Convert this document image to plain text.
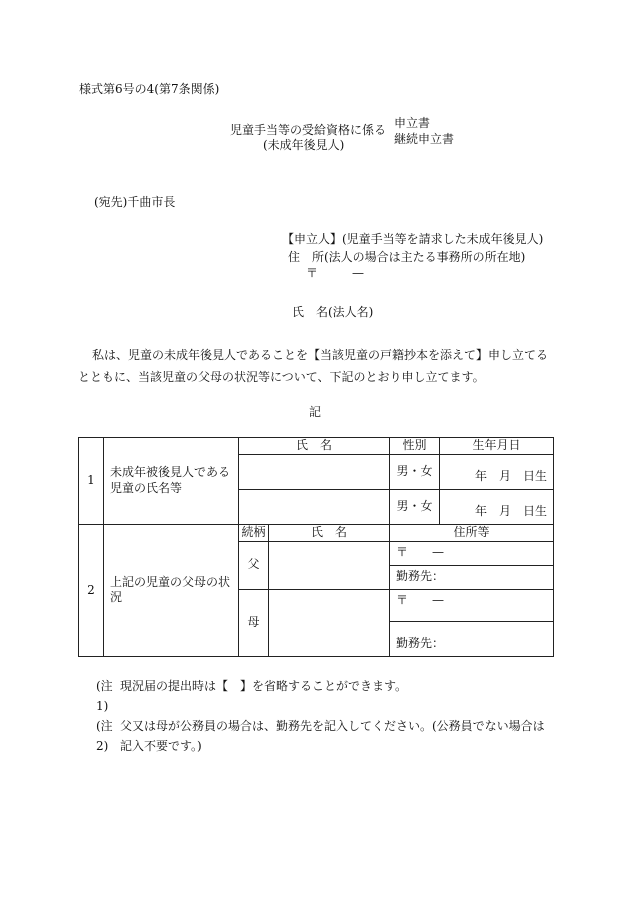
様式第6号の4(第7条関係)
児童手当等の受給資格に係る
(未成年後見人)
申立書
継続申立書
(宛先)千曲市長
【申立人】(児童手当等を請求した未成年後見人)
住　所(法人の場合は主たる事務所の所在地)
〒	—
氏　名(法人名)
私は、児童の未成年後見人であることを【当該児童の戸籍抄本を添えて】申し立てるとともに、当該児童の父母の状況等について、下記のとおり申し立てます。
記
1	未成年被後見人である児童の氏名等	氏　名		性別	生年月日
				男・女	年　月　日生

				男・女	年　月　日生

2	上記の児童の父母の状況	続柄	氏　名	住所等	
		父		〒　　—	
				勤務先：	
		母		〒　　—	
				勤務先：	
(注1)
現況届の提出時は【　】を省略することができます。
(注2)
父又は母が公務員の場合は、勤務先を記入してください。(公務員でない場合は記入不要です。)
